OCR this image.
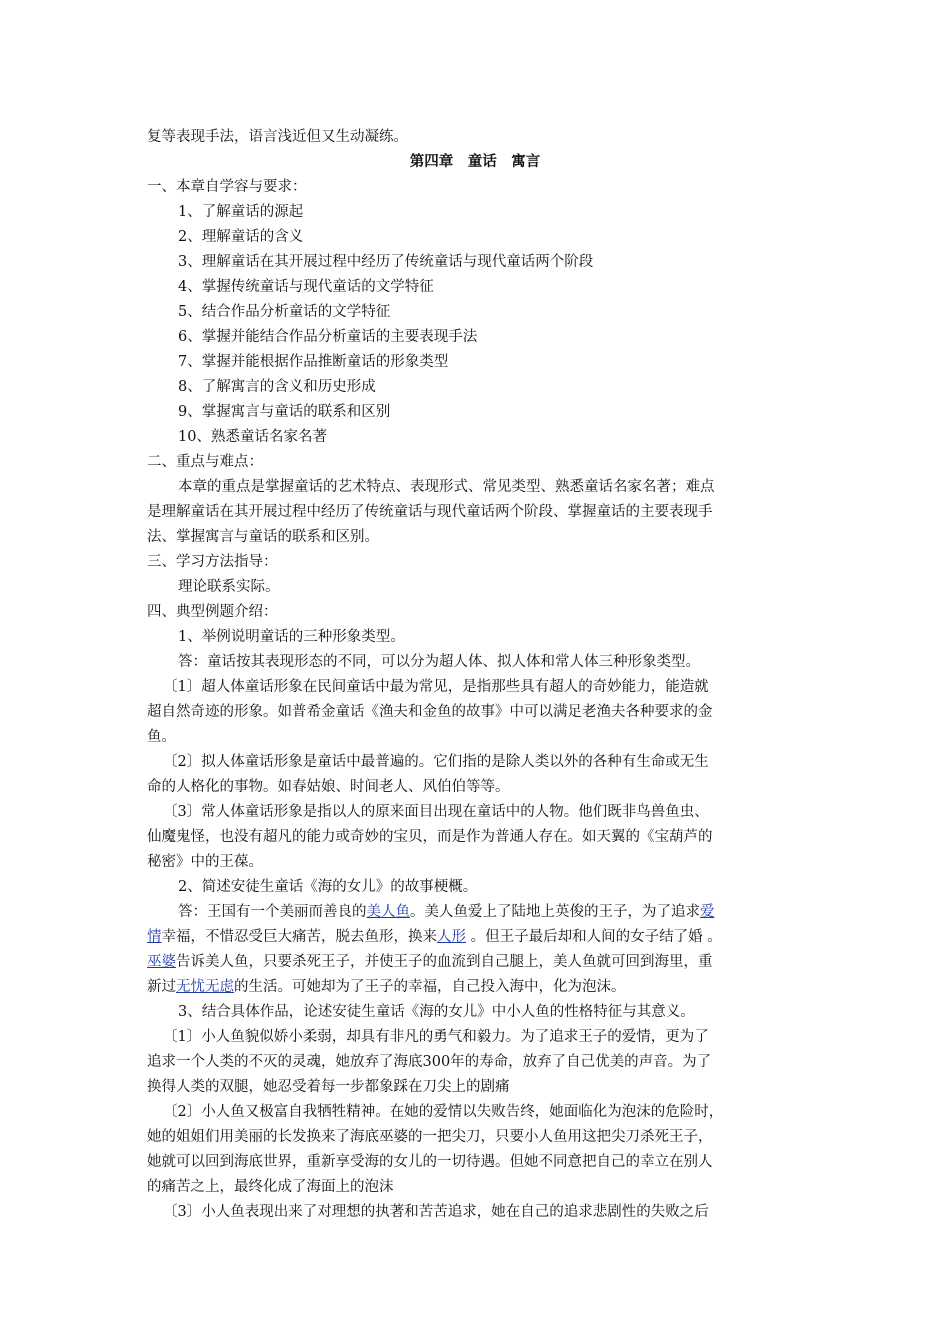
复等表现手法，语言浅近但又生动凝练。
第四章　童话　寓言
一、本章自学容与要求：
1、了解童话的源起
2、理解童话的含义
3、理解童话在其开展过程中经历了传统童话与现代童话两个阶段
4、掌握传统童话与现代童话的文学特征
5、结合作品分析童话的文学特征
6、掌握并能结合作品分析童话的主要表现手法
7、掌握并能根据作品推断童话的形象类型
8、了解寓言的含义和历史形成
9、掌握寓言与童话的联系和区别
10、熟悉童话名家名著
二、重点与难点：
本章的重点是掌握童话的艺术特点、表现形式、常见类型、熟悉童话名家名著；难点
是理解童话在其开展过程中经历了传统童话与现代童话两个阶段、掌握童话的主要表现手
法、掌握寓言与童话的联系和区别。
三、学习方法指导：
理论联系实际。
四、典型例题介绍：
1、举例说明童话的三种形象类型。
答：童话按其表现形态的不同，可以分为超人体、拟人体和常人体三种形象类型。
〔1〕超人体童话形象在民间童话中最为常见，是指那些具有超人的奇妙能力，能造就
超自然奇迹的形象。如普希金童话《渔夫和金鱼的故事》中可以满足老渔夫各种要求的金
鱼。
〔2〕拟人体童话形象是童话中最普遍的。它们指的是除人类以外的各种有生命或无生
命的人格化的事物。如春姑娘、时间老人、风伯伯等等。
〔3〕常人体童话形象是指以人的原来面目出现在童话中的人物。他们既非鸟兽鱼虫、
仙魔鬼怪，也没有超凡的能力或奇妙的宝贝，而是作为普通人存在。如天翼的《宝葫芦的
秘密》中的王葆。
2、简述安徒生童话《海的女儿》的故事梗概。
答：王国有一个美丽而善良的美人鱼。美人鱼爱上了陆地上英俊的王子，为了追求爱
情幸福，不惜忍受巨大痛苦，脱去鱼形，换来人形 。但王子最后却和人间的女子结了婚 。
巫婆告诉美人鱼，只要杀死王子，并使王子的血流到自己腿上，美人鱼就可回到海里，重
新过无忧无虑的生活。可她却为了王子的幸福，自己投入海中，化为泡沫。
3、结合具体作品，论述安徒生童话《海的女儿》中小人鱼的性格特征与其意义。
〔1〕小人鱼貌似娇小柔弱，却具有非凡的勇气和毅力。为了追求王子的爱情，更为了
追求一个人类的不灭的灵魂，她放弃了海底300年的寿命，放弃了自己优美的声音。为了
换得人类的双腿，她忍受着每一步都象踩在刀尖上的剧痛
〔2〕小人鱼又极富自我牺牲精神。在她的爱情以失败告终，她面临化为泡沫的危险时，
她的姐姐们用美丽的长发换来了海底巫婆的一把尖刀，只要小人鱼用这把尖刀杀死王子，
她就可以回到海底世界，重新享受海的女儿的一切待遇。但她不同意把自己的幸立在别人
的痛苦之上，最终化成了海面上的泡沫
〔3〕小人鱼表现出来了对理想的执著和苦苦追求，她在自己的追求悲剧性的失败之后
